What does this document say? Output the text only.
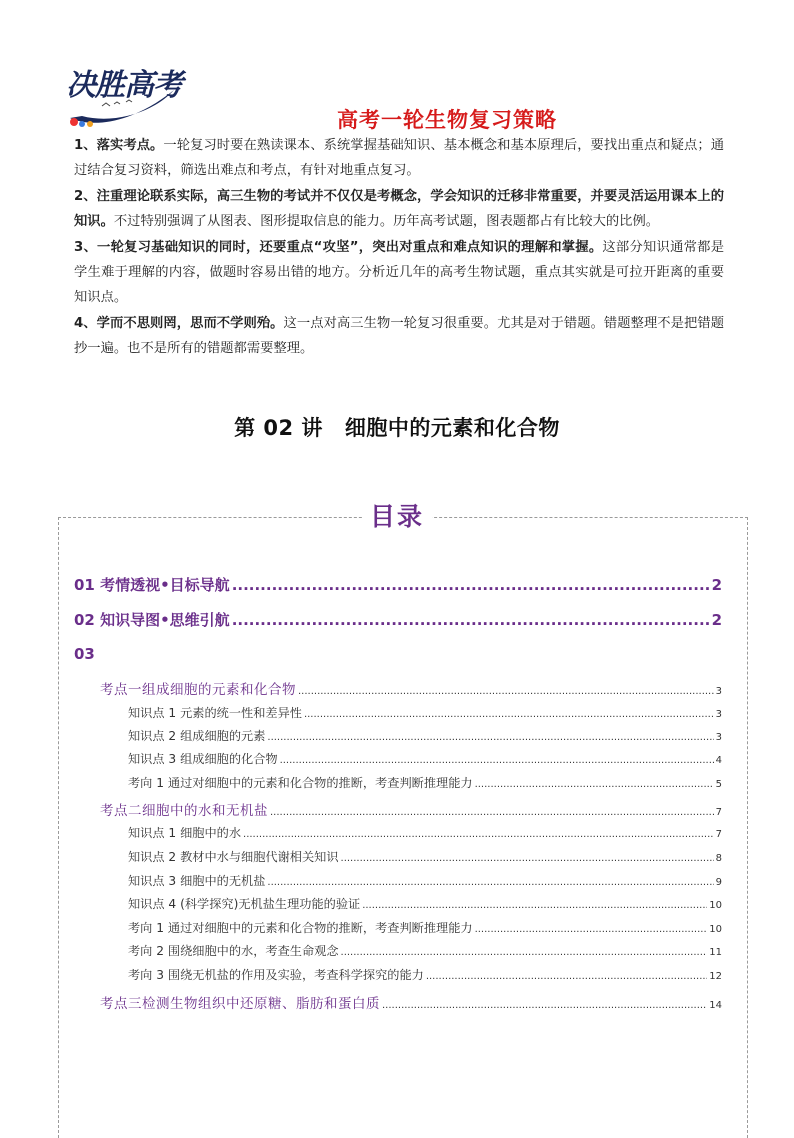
决胜高考
高考一轮生物复习策略

1、落实考点。一轮复习时要在熟读课本、系统掌握基础知识、基本概念和基本原理后，要找出重点和疑点；通过结合复习资料，筛选出难点和考点，有针对地重点复习。

2、注重理论联系实际，高三生物的考试并不仅仅是考概念，学会知识的迁移非常重要，并要灵活运用课本上的知识。不过特别强调了从图表、图形提取信息的能力。历年高考试题，图表题都占有比较大的比例。

3、一轮复习基础知识的同时，还要重点“攻坚”，突出对重点和难点知识的理解和掌握。这部分知识通常都是学生难于理解的内容，做题时容易出错的地方。分析近几年的高考生物试题，重点其实就是可拉开距离的重要知识点。

4、学而不思则罔，思而不学则殆。这一点对高三生物一轮复习很重要。尤其是对于错题。错题整理不是把错题抄一遍。也不是所有的错题都需要整理。

第 02 讲 细胞中的元素和化合物
目录
01 考情透视•目标导航 .....	2
02 知识导图•思维引航 .....	2
03
考点一组成细胞的元素和化合物 .....	3
知识点 1 元素的统一性和差异性 .....	3
知识点 2 组成细胞的元素 .....	3
知识点 3 组成细胞的化合物 .....	4
考向 1 通过对细胞中的元素和化合物的推断，考查判断推理能力 .....	5
考点二细胞中的水和无机盐 .....	7
知识点 1 细胞中的水 .....	7
知识点 2 教材中水与细胞代谢相关知识 .....	8
知识点 3 细胞中的无机盐 .....	9
知识点 4 (科学探究)无机盐生理功能的验证 .....	10
考向 1 通过对细胞中的元素和化合物的推断，考查判断推理能力 .....	10
考向 2 围绕细胞中的水，考查生命观念 .....	11
考向 3 围绕无机盐的作用及实验，考查科学探究的能力 .....	12
考点三检测生物组织中还原糖、脂肪和蛋白质 .....	14
